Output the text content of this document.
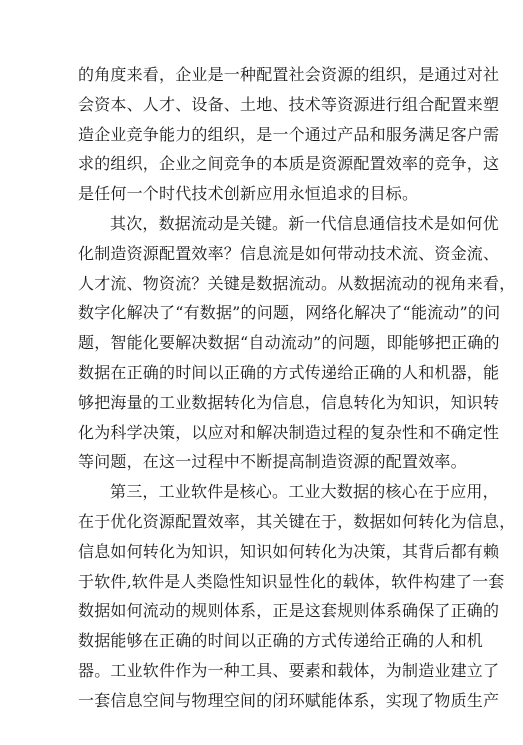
的角度来看，企业是一种配置社会资源的组织，是通过对社
会资本、人才、设备、土地、技术等资源进行组合配置来塑
造企业竞争能力的组织，是一个通过产品和服务满足客户需
求的组织，企业之间竞争的本质是资源配置效率的竞争，这
是任何一个时代技术创新应用永恒追求的目标。
其次，数据流动是关键。新一代信息通信技术是如何优
化制造资源配置效率？信息流是如何带动技术流、资金流、
人才流、物资流？关键是数据流动。从数据流动的视角来看，
数字化解决了“有数据”的问题，网络化解决了“能流动”的问
题，智能化要解决数据“自动流动”的问题，即能够把正确的
数据在正确的时间以正确的方式传递给正确的人和机器，能
够把海量的工业数据转化为信息，信息转化为知识，知识转
化为科学决策，以应对和解决制造过程的复杂性和不确定性
等问题，在这一过程中不断提高制造资源的配置效率。
第三，工业软件是核心。工业大数据的核心在于应用，
在于优化资源配置效率，其关键在于，数据如何转化为信息，
信息如何转化为知识，知识如何转化为决策，其背后都有赖
于软件,软件是人类隐性知识显性化的载体，软件构建了一套
数据如何流动的规则体系，正是这套规则体系确保了正确的
数据能够在正确的时间以正确的方式传递给正确的人和机
器。工业软件作为一种工具、要素和载体，为制造业建立了
一套信息空间与物理空间的闭环赋能体系，实现了物质生产
